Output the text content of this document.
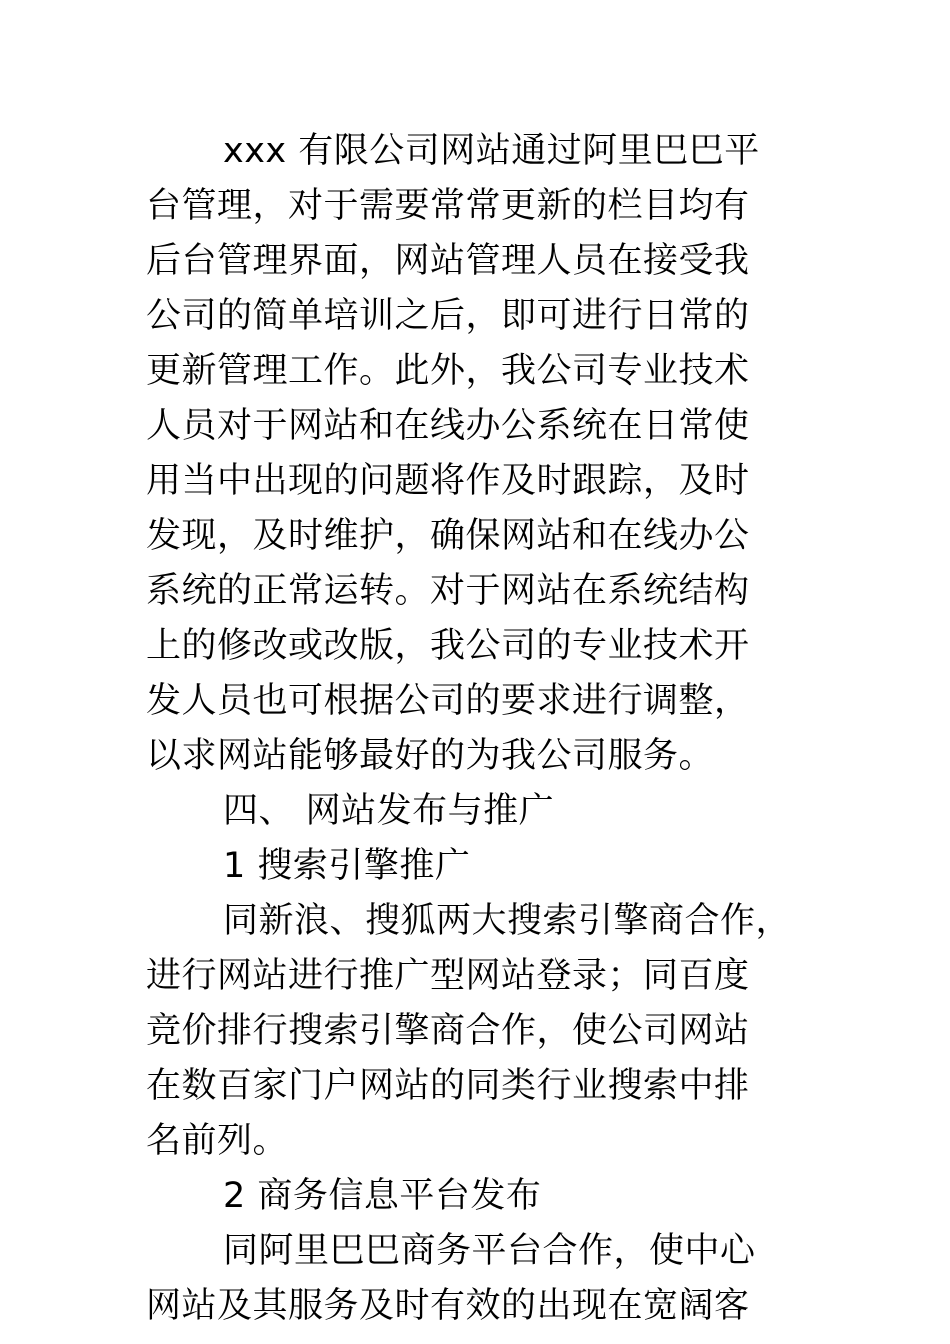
xxx 有限公司网站通过阿里巴巴平
台管理，对于需要常常更新的栏目均有
后台管理界面，网站管理人员在接受我
公司的简单培训之后，即可进行日常的
更新管理工作。此外，我公司专业技术
人员对于网站和在线办公系统在日常使
用当中出现的问题将作及时跟踪，及时
发现，及时维护，确保网站和在线办公
系统的正常运转。对于网站在系统结构
上的修改或改版，我公司的专业技术开
发人员也可根据公司的要求进行调整，
以求网站能够最好的为我公司服务。
四、 网站发布与推广
1 搜索引擎推广
同新浪、搜狐两大搜索引擎商合作，
进行网站进行推广型网站登录；同百度
竞价排行搜索引擎商合作，使公司网站
在数百家门户网站的同类行业搜索中排
名前列。
2 商务信息平台发布
同阿里巴巴商务平台合作，使中心
网站及其服务及时有效的出现在宽阔客
